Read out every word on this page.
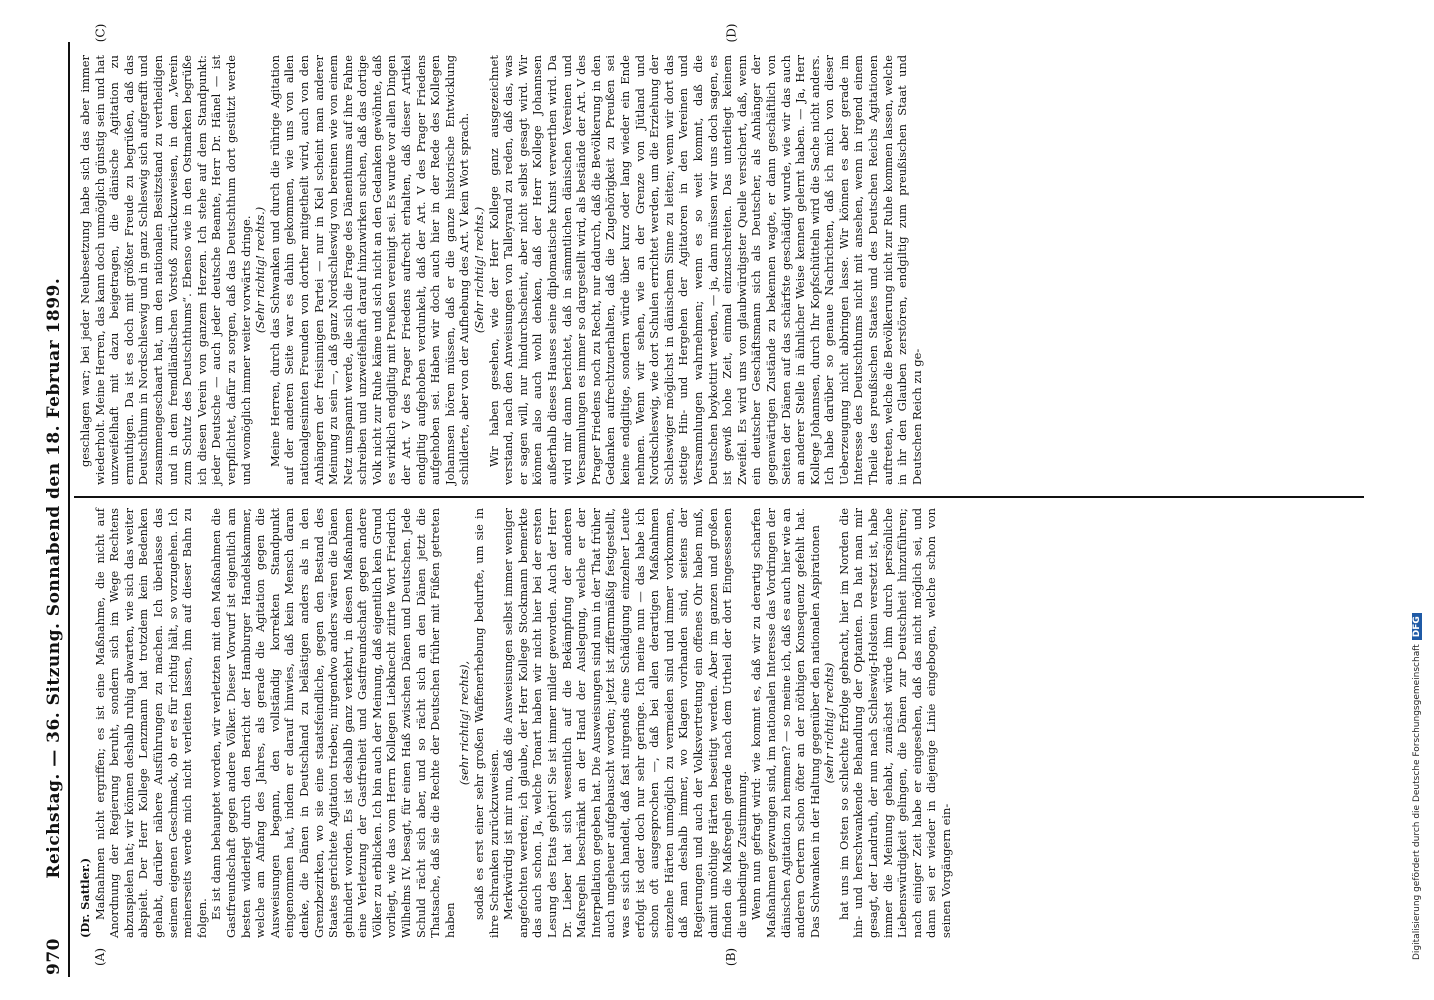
970 Reichstag. — 36. Sitzung. Sonnabend den 18. Februar 1899.
(A)	(B)
(C)	(D)

(Dr. Sattler.) Maßnahmen nicht ergriffen; es ist eine Maßnahme, die nicht auf Anordnung der Regierung beruht, sondern sich im Wege Rechtens abzuspielen hat; wir können deshalb ruhig abwarten, wie sich das weiter abspielt. Der Herr Kollege Lenzmann hat trotzdem kein Bedenken gehabt, darüber nähere Ausführungen zu machen. Ich überlasse das seinem eigenen Geschmack, ob er es für richtig hält, so vorzugehen. Ich meinerseits werde mich nicht verleiten lassen, ihm auf dieser Bahn zu folgen. Es ist dann behauptet worden, wir verletzten mit den Maßnahmen die Gastfreundschaft gegen andere Völker. Dieser Vorwurf ist eigentlich am besten widerlegt durch den Bericht der Hamburger Handelskammer, welche am Anfang des Jahres, als gerade die Agitation gegen die Ausweisungen begann, den vollständig korrekten Standpunkt eingenommen hat, indem er darauf hinwies, daß kein Mensch daran denke, die Dänen in Deutschland zu belästigen anders als in den Grenzbezirken, wo sie eine staatsfeindliche, gegen den Bestand des Staates gerichtete Agitation trieben; nirgendwo anders wären die Dänen gehindert worden. Es ist deshalb ganz verkehrt, in diesen Maßnahmen eine Verletzung der Gastfreiheit und Gastfreundschaft gegen andere Völker zu erblicken. Ich bin auch der Meinung, daß eigentlich kein Grund vorliegt, wie das vom Herrn Kollegen Liebknecht zitirte Wort Friedrich Wilhelms IV. besagt, für einen Haß zwischen Dänen und Deutschen. Jede Schuld rächt sich aber, und so rächt sich an den Dänen jetzt die Thatsache, daß sie die Rechte der Deutschen früher mit Füßen getreten haben

(sehr richtig! rechts), sodaß es erst einer sehr großen Waffenerhebung bedurfte, um sie in ihre Schranken zurückzuweisen. Merkwürdig ist mir nun, daß die Ausweisungen selbst immer weniger angefochten werden; ich glaube, der Herr Kollege Stockmann bemerkte das auch schon. Ja, welche Tonart haben wir nicht hier bei der ersten Lesung des Etats gehört! Sie ist immer milder geworden. Auch der Herr Dr. Lieber hat sich wesentlich auf die Bekämpfung der anderen Maßregeln beschränkt an der Hand der Auslegung, welche er der Interpellation gegeben hat. Die Ausweisungen sind nun in der That früher auch ungeheuer aufgebauscht worden; jetzt ist ziffernmäßig festgestellt, was es sich handelt, daß fast nirgends eine Schädigung einzelner Leute erfolgt ist oder doch nur sehr geringe. Ich meine nun — das habe ich schon oft ausgesprochen —, daß bei allen derartigen Maßnahmen einzelne Härten unmöglich zu vermeiden sind und immer vorkommen, daß man deshalb immer, wo Klagen vorhanden sind, seitens der Regierungen und auch der Volksvertretung ein offenes Ohr haben muß, damit unnöthige Härten beseitigt werden. Aber im ganzen und großen finden die Maßregeln gerade nach dem Urtheil der dort Eingesessenen die unbedingte Zustimmung. Wenn nun gefragt wird: wie kommt es, daß wir zu derartig scharfen Maßnahmen gezwungen sind, im nationalen Interesse das Vordringen der dänischen Agitation zu hemmen? — so meine ich, daß es auch hier wie an anderen Oertern schon öfter an der nöthigen Konsequenz gefehlt hat. Das Schwanken in der Haltung gegenüber den nationalen Aspirationen (sehr richtig! rechts) hat uns im Osten so schlechte Erfolge gebracht, hier im Norden die hin- und herschwankende Behandlung der Optanten. Da hat man mir gesagt, der Landrath, der nun nach Schleswig-Holstein versetzt ist, habe immer die Meinung gehabt, zunächst würde ihm durch persönliche Liebenswürdigkeit gelingen, die Dänen zur Deutschheit hinzuführen; nach einiger Zeit habe er eingesehen, daß das nicht möglich sei, und dann sei er wieder in diejenige Linie eingebogen, welche schon von seinen Vorgängern ein-

geschlagen war; bei jeder Neubesetzung habe sich das aber immer wiederholt. Meine Herren, das kann doch unmöglich günstig sein und hat unzweifelhaft mit dazu beigetragen, die dänische Agitation zu ermuthigen. Da ist es doch mit größter Freude zu begrüßen, daß das Deutschthum in Nordschleswig und in ganz Schleswig sich aufgerafft und zusammengeschaart hat, um den nationalen Besitzstand zu vertheidigen und in dem fremdländischen Vorstoß zurückzuweisen, in dem „Verein zum Schutz des Deutschthums“. Ebenso wie in den Ostmarken begrüße ich diesen Verein von ganzem Herzen. Ich stehe auf dem Standpunkt: jeder Deutsche — auch jeder deutsche Beamte, Herr Dr. Hänel — ist verpflichtet, dafür zu sorgen, daß das Deutschthum dort gestützt werde und womöglich immer weiter vorwärts dringe. (Sehr richtig! rechts.) Meine Herren, durch das Schwanken und durch die rührige Agitation auf der anderen Seite war es dahin gekommen, wie uns von allen nationalgesinnten Freunden von dorther mitgetheilt wird, auch von den Anhängern der freisinnigen Partei — nur in Kiel scheint man anderer Meinung zu sein —, daß ganz Nordschleswig von bereinen wie von einem Netz umspannt werde, die sich die Frage des Dänenthums auf ihre Fahne schreiben und unzweifelhaft darauf hinzuwirken suchen, daß das dortige Volk nicht zur Ruhe käme und sich nicht an den Gedanken gewöhnte, daß es wirklich endgiltig mit Preußen vereinigt sei. Es wurde vor allen Dingen der Art. V des Prager Friedens aufrecht erhalten, daß dieser Artikel endgiltig aufgehoben verdunkelt, daß der Art. V des Prager Friedens aufgehoben sei. Haben wir doch auch hier in der Rede des Kollegen Johannsen hören müssen, daß er die ganze historische Entwicklung schilderte, aber von der Aufhebung des Art. V kein Wort sprach. (Sehr richtig! rechts.) Wir haben gesehen, wie der Herr Kollege ganz ausgezeichnet verstand, nach den Anweisungen von Talleyrand zu reden, daß das, was er sagen will, nur hindurchscheint, aber nicht selbst gesagt wird. Wir können also auch wohl denken, daß der Herr Kollege Johannsen außerhalb dieses Hauses seine diplomatische Kunst verwerthen wird. Da wird mir dann berichtet, daß in sämmtlichen dänischen Vereinen und Versammlungen es immer so dargestellt wird, als bestände der Art. V des Prager Friedens noch zu Recht, nur dadurch, daß die Bevölkerung in den Gedanken aufrechtzuerhalten, daß die Zugehörigkeit zu Preußen sei keine endgiltige, sondern würde über kurz oder lang wieder ein Ende nehmen. Wenn wir sehen, wie an der Grenze von Jütland und Nordschleswig, wie dort Schulen errichtet werden, um die Erziehung der Schleswiger möglichst in dänischem Sinne zu leiten; wenn wir dort das stetige Hin- und Hergehen der Agitatoren in den Vereinen und Versammlungen wahrnehmen; wenn es so weit kommt, daß die Deutschen boykottirt werden, — ja, dann müssen wir uns doch sagen, es ist gewiß hohe Zeit, einmal einzuschreiten. Das unterliegt keinem Zweifel. Es wird uns von glaubwürdigster Quelle versichert, daß, wenn ein deutscher Geschäftsmann sich als Deutscher, als Anhänger der gegenwärtigen Zustände zu bekennen wagte, er dann geschäftlich von Seiten der Dänen auf das schärfste geschädigt wurde, wie wir das auch an anderer Stelle in ähnlicher Weise kennen gelernt haben. — Ja, Herr Kollege Johannsen, durch Ihr Kopfschütteln wird die Sache nicht anders. Ich habe darüber so genaue Nachrichten, daß ich mich von dieser Ueberzeugung nicht abbringen lasse. Wir können es aber gerade im Interesse des Deutschthums nicht mit ansehen, wenn in irgend einem Theile des preußischen Staates und des Deutschen Reichs Agitationen auftreten, welche die Bevölkerung nicht zur Ruhe kommen lassen, welche in ihr den Glauben zerstören, endgiltig zum preußischen Staat und Deutschen Reich zu ge-

Digitalisierung gefördert durch die Deutsche ForschungsgemeinschaftDFG
